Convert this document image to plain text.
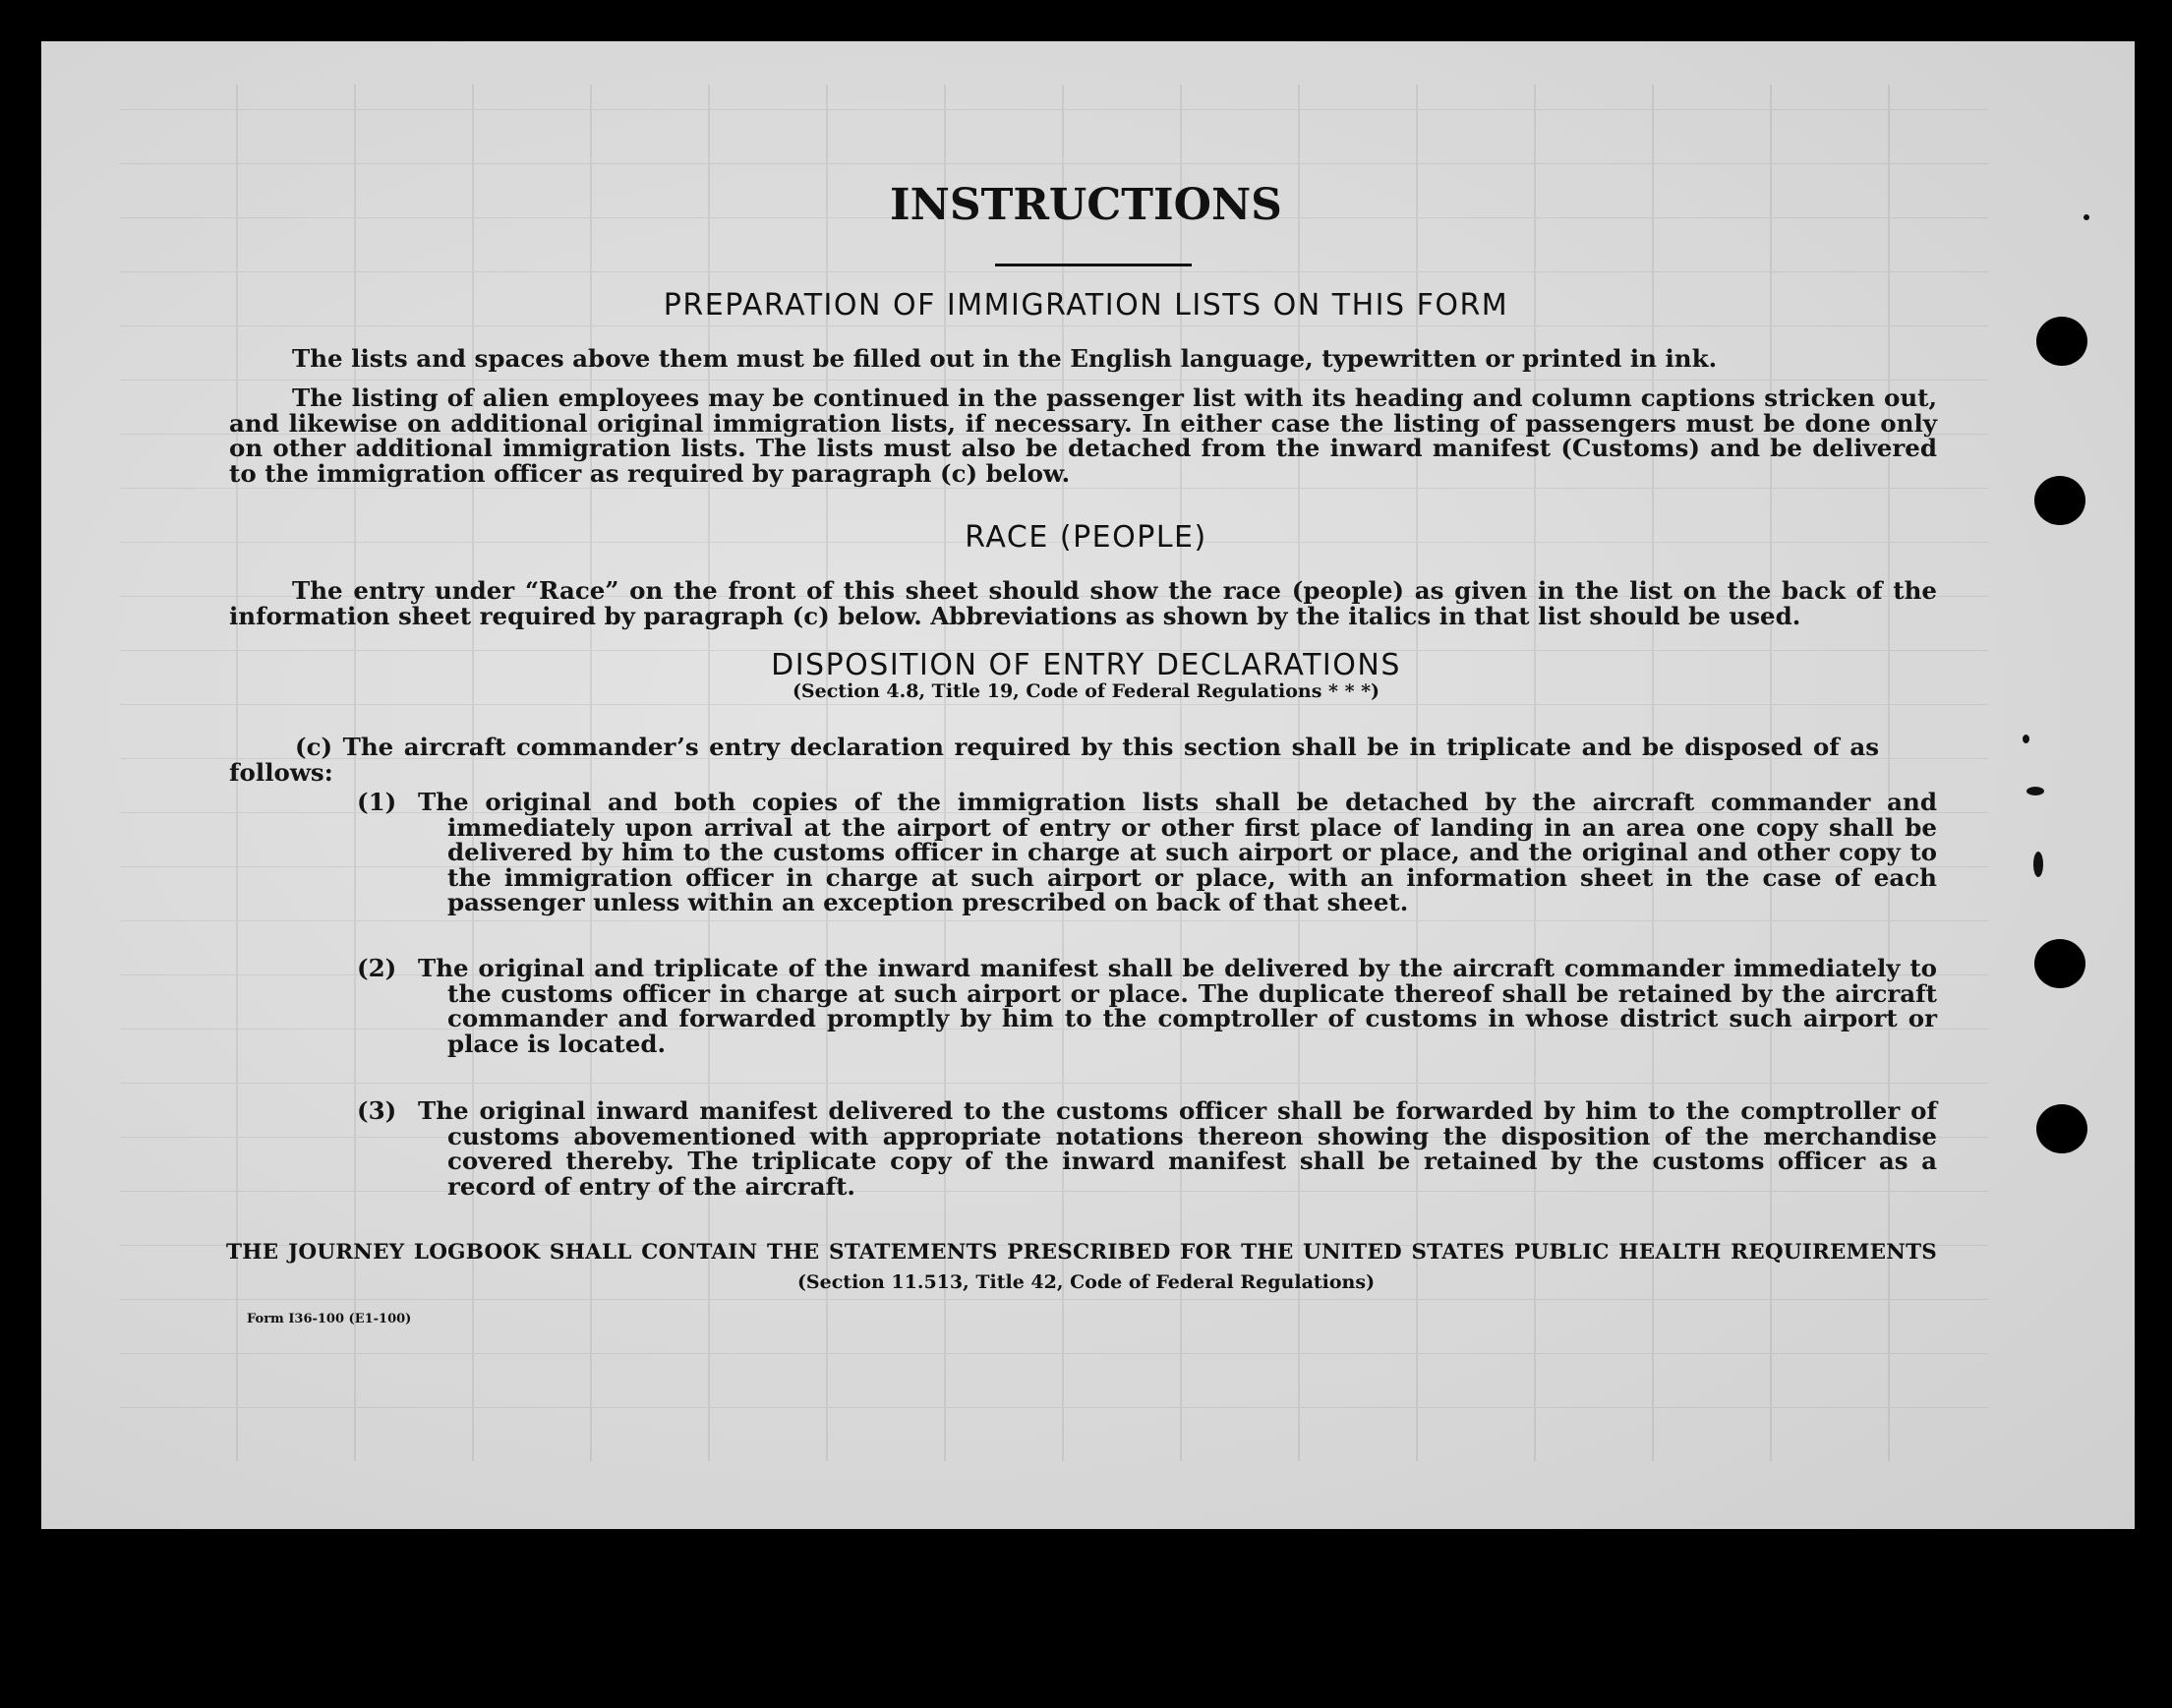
INSTRUCTIONS
PREPARATION OF IMMIGRATION LISTS ON THIS FORM
The lists and spaces above them must be filled out in the English language, typewritten or printed in ink.
The listing of alien employees may be continued in the passenger list with its heading and column captions stricken out, and likewise on additional original immigration lists, if necessary. In either case the listing of passengers must be done only on other additional immigration lists. The lists must also be detached from the inward manifest (Customs) and be delivered to the immigration officer as required by paragraph (c) below.
RACE (PEOPLE)
The entry under “Race” on the front of this sheet should show the race (people) as given in the list on the back of the information sheet required by paragraph (c) below. Abbreviations as shown by the italics in that list should be used.
DISPOSITION OF ENTRY DECLARATIONS
(Section 4.8, Title 19, Code of Federal Regulations * * *)
(c) The aircraft commander’s entry declaration required by this section shall be in triplicate and be disposed of as follows:
(1) The original and both copies of the immigration lists shall be detached by the aircraft commander and immediately upon arrival at the airport of entry or other first place of landing in an area one copy shall be delivered by him to the customs officer in charge at such airport or place, and the original and other copy to the immigration officer in charge at such airport or place, with an information sheet in the case of each passenger unless within an exception prescribed on back of that sheet.
(2) The original and triplicate of the inward manifest shall be delivered by the aircraft commander immediately to the customs officer in charge at such airport or place. The duplicate thereof shall be retained by the aircraft commander and forwarded promptly by him to the comptroller of customs in whose district such airport or place is located.
(3) The original inward manifest delivered to the customs officer shall be forwarded by him to the comptroller of customs abovementioned with appropriate notations thereon showing the disposition of the merchandise covered thereby. The triplicate copy of the inward manifest shall be retained by the customs officer as a record of entry of the aircraft.
THE JOURNEY LOGBOOK SHALL CONTAIN THE STATEMENTS PRESCRIBED FOR THE UNITED STATES PUBLIC HEALTH REQUIREMENTS
(Section 11.513, Title 42, Code of Federal Regulations)
Form I36-100 (E1-100)
